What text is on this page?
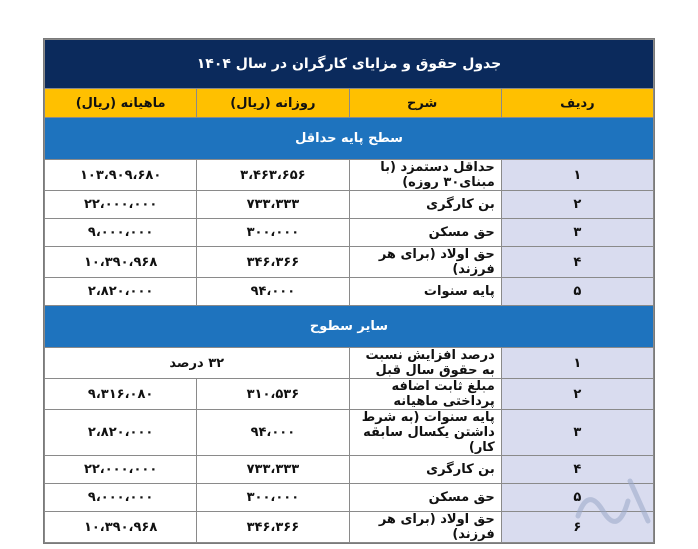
جدول حقوق و مزایای کارگران در سال ۱۴۰۴			
ردیف	شرح	روزانه (ریال)	ماهیانه (ریال)
سطح پایه حداقل			
۱	حداقل دستمزد (با مبنای۳۰ روزه)	۳،۴۶۳،۶۵۶	۱۰۳،۹۰۹،۶۸۰
۲	بن کارگری	۷۳۳،۳۳۳	۲۲،۰۰۰،۰۰۰
۳	حق مسکن	۳۰۰،۰۰۰	۹،۰۰۰،۰۰۰
۴	حق اولاد (برای هر فرزند)	۳۴۶،۳۶۶	۱۰،۳۹۰،۹۶۸
۵	پایه سنوات	۹۴،۰۰۰	۲،۸۲۰،۰۰۰
سایر سطوح			
۱	درصد افزایش نسبت به حقوق سال قبل	۳۲ درصد	
۲	مبلغ ثابت اضافه پرداختی ماهیانه	۳۱۰،۵۳۶	۹،۳۱۶،۰۸۰
۳	پایه سنوات (به شرط داشتن یکسال سابقه کار)	۹۴،۰۰۰	۲،۸۲۰،۰۰۰
۴	بن کارگری	۷۳۳،۳۳۳	۲۲،۰۰۰،۰۰۰
۵	حق مسکن	۳۰۰،۰۰۰	۹،۰۰۰،۰۰۰
۶	حق اولاد (برای هر فرزند)	۳۴۶،۳۶۶	۱۰،۳۹۰،۹۶۸
